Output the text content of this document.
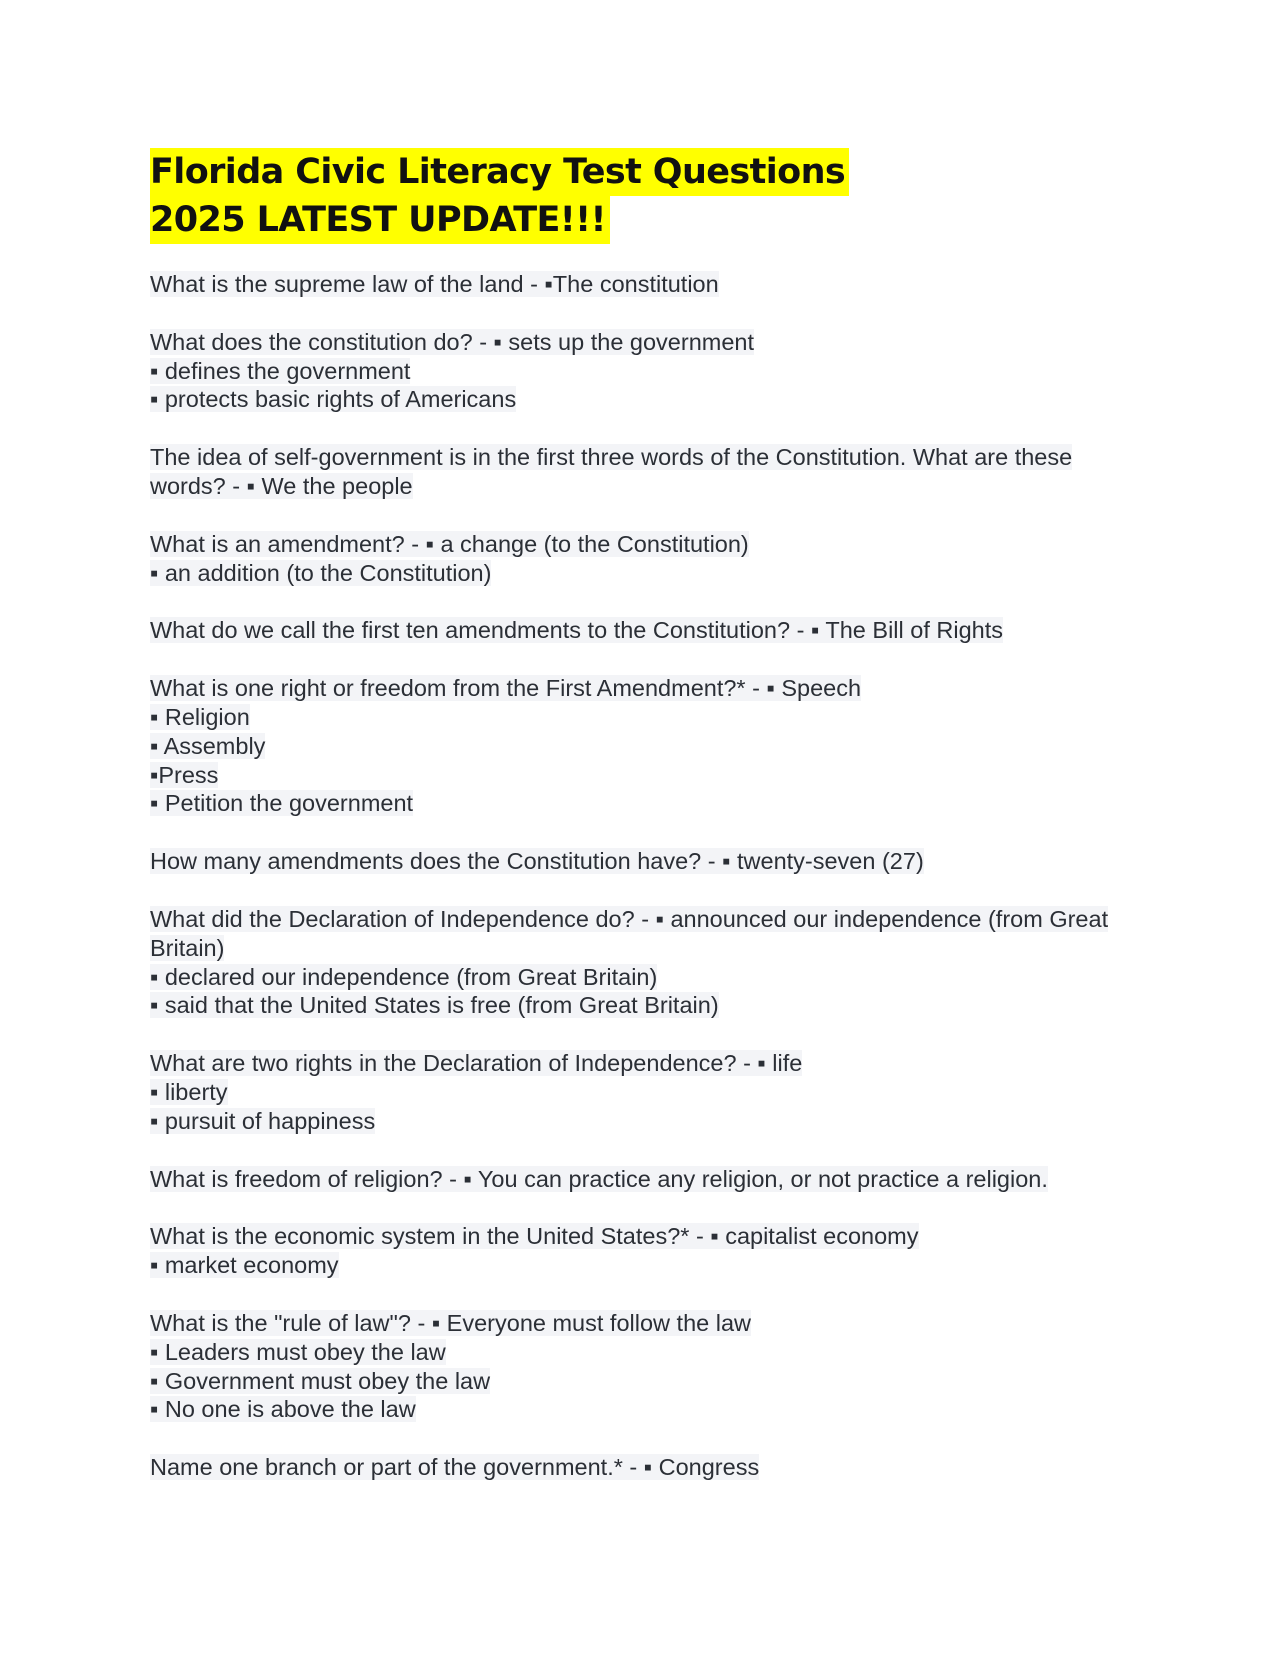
Florida Civic Literacy Test Questions
2025 LATEST UPDATE!!!

What is the supreme law of the land - ▪The constitution

What does the constitution do? - ▪ sets up the government
▪ defines the government
▪ protects basic rights of Americans

The idea of self-government is in the first three words of the Constitution. What are these words? - ▪ We the people

What is an amendment? - ▪ a change (to the Constitution)
▪ an addition (to the Constitution)

What do we call the first ten amendments to the Constitution? - ▪ The Bill of Rights

What is one right or freedom from the First Amendment?* - ▪ Speech
▪ Religion
▪ Assembly
▪Press
▪ Petition the government

How many amendments does the Constitution have? - ▪ twenty-seven (27)

What did the Declaration of Independence do? - ▪ announced our independence (from Great Britain)
▪ declared our independence (from Great Britain)
▪ said that the United States is free (from Great Britain)

What are two rights in the Declaration of Independence? - ▪ life
▪ liberty
▪ pursuit of happiness

What is freedom of religion? - ▪ You can practice any religion, or not practice a religion.

What is the economic system in the United States?* - ▪ capitalist economy
▪ market economy

What is the "rule of law"? - ▪ Everyone must follow the law
▪ Leaders must obey the law
▪ Government must obey the law
▪ No one is above the law

Name one branch or part of the government.* - ▪ Congress
